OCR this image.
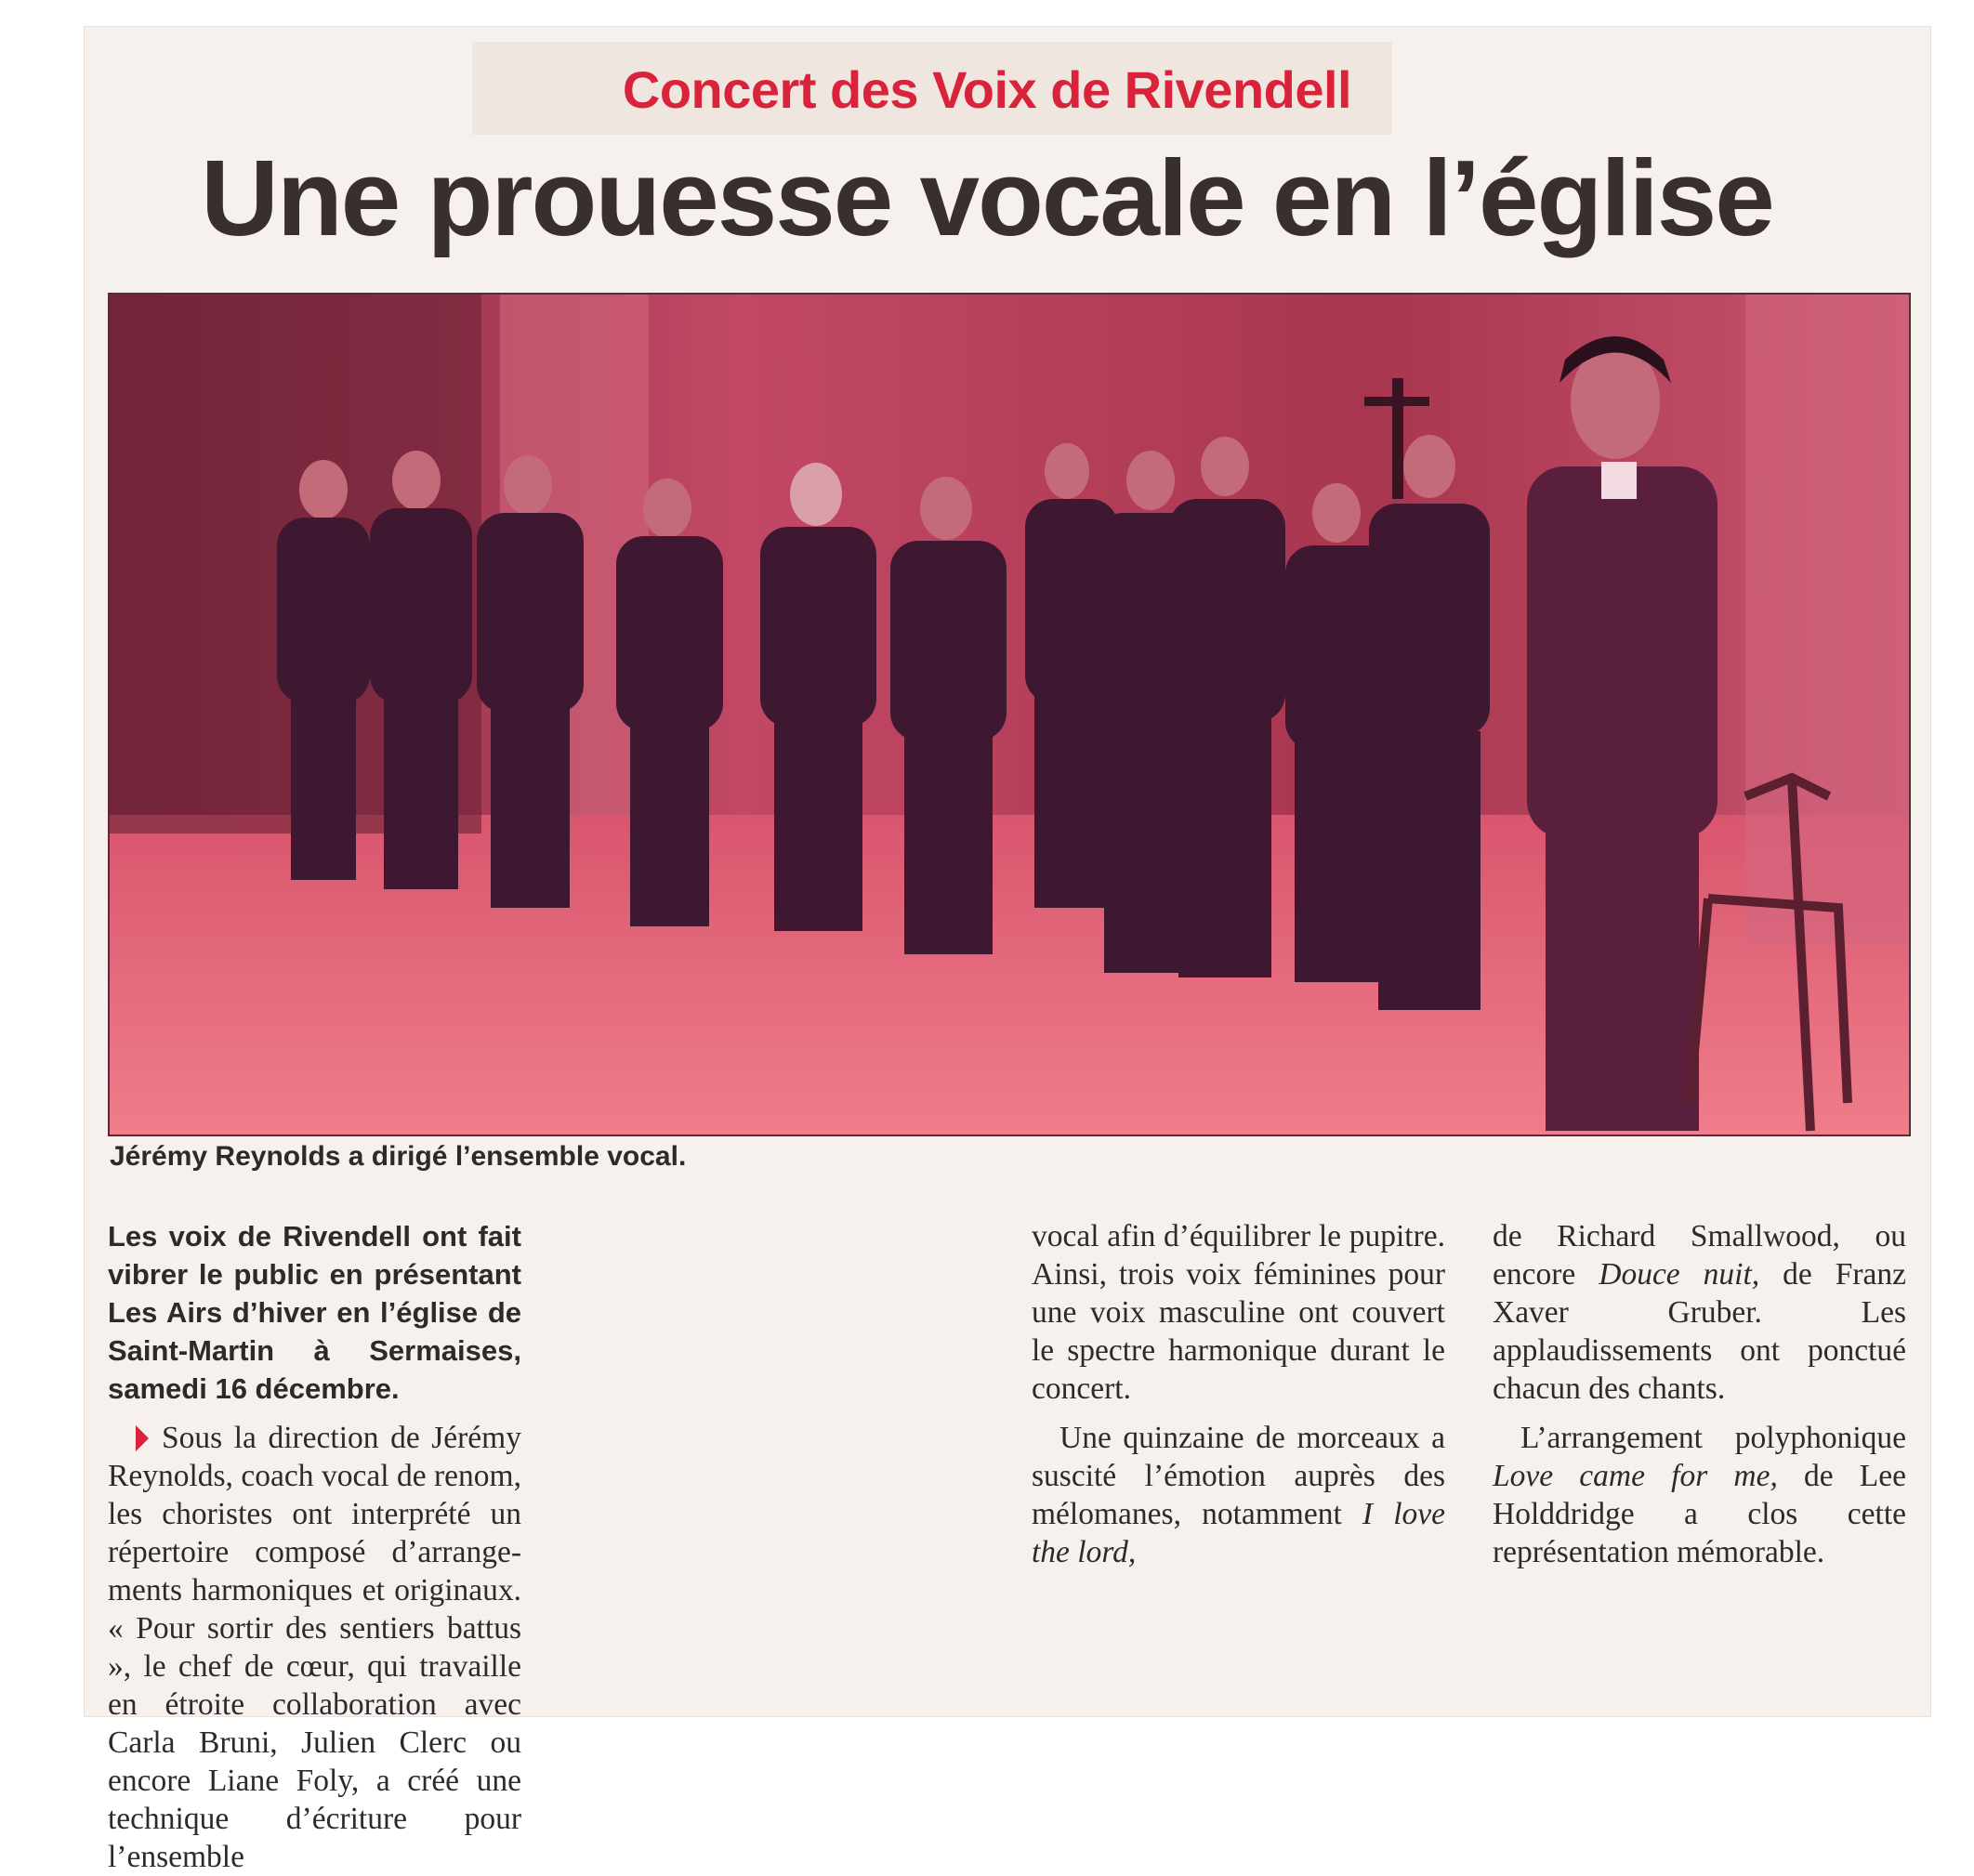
Concert des Voix de Rivendell
Une prouesse vocale en l’église
Jérémy Reynolds a dirigé l’ensemble vocal.

Les voix de Rivendell ont fait vibrer le public en présentant Les Airs d’hiver en l’église de Saint-Martin à Sermaises, samedi 16 décembre.

Sous la direction de Jérémy Reynolds, coach vocal de renom, les choristes ont interprété un répertoire composé d’arrangements harmoniques et originaux. « Pour sortir des sentiers battus », le chef de cœur, qui travaille en étroite collaboration avec Carla Bruni, Julien Clerc ou encore Liane Foly, a créé une technique d’écriture pour l’ensemble

vocal afin d’équilibrer le pupitre. Ainsi, trois voix féminines pour une voix masculine ont couvert le spectre harmonique durant le concert.

Une quinzaine de morceaux a suscité l’émotion auprès des mélomanes, notamment I love the lord,

de Richard Smallwood, ou encore Douce nuit, de Franz Xaver Gruber. Les applaudissements ont ponctué chacun des chants.

L’arrangement polyphonique Love came for me, de Lee Holddridge a clos cette représentation mémorable.
